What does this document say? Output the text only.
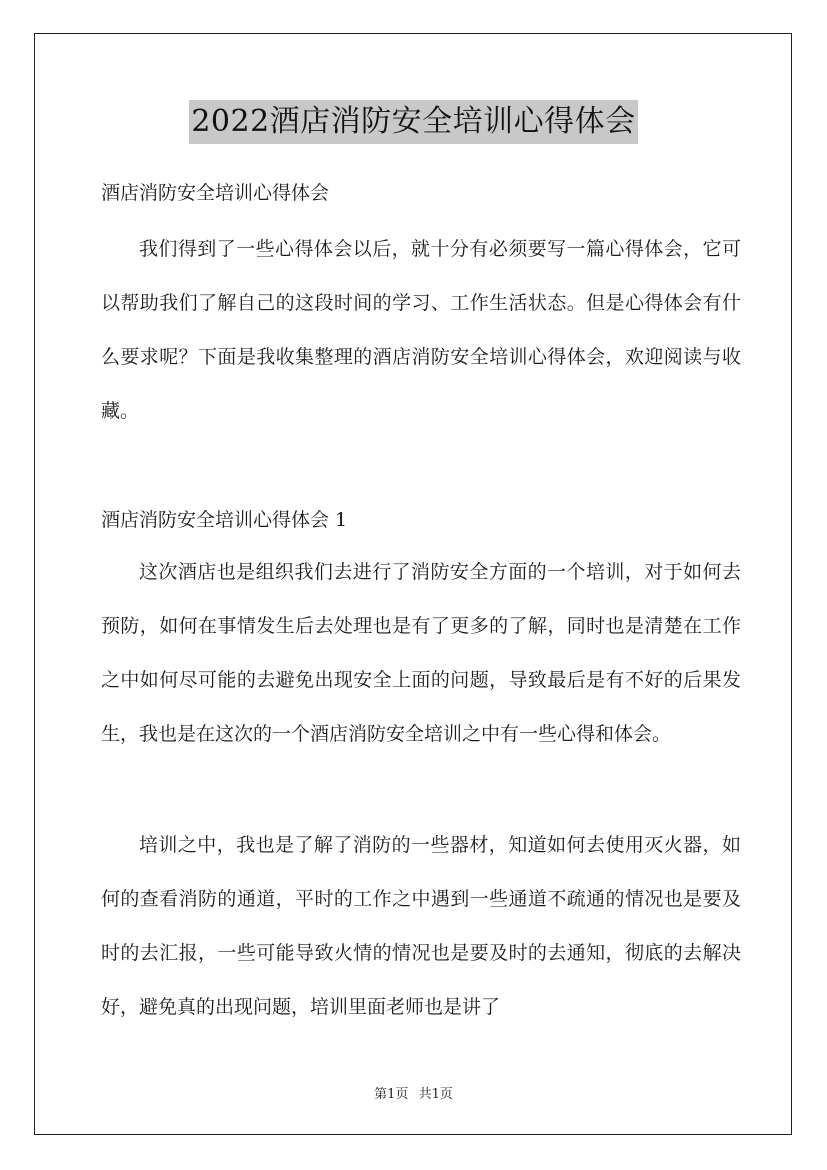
2022酒店消防安全培训心得体会

酒店消防安全培训心得体会

我们得到了一些心得体会以后，就十分有必须要写一篇心得体会，它可以帮助我们了解自己的这段时间的学习、工作生活状态。但是心得体会有什么要求呢？下面是我收集整理的酒店消防安全培训心得体会，欢迎阅读与收藏。

酒店消防安全培训心得体会 1

这次酒店也是组织我们去进行了消防安全方面的一个培训，对于如何去预防，如何在事情发生后去处理也是有了更多的了解，同时也是清楚在工作之中如何尽可能的去避免出现安全上面的问题，导致最后是有不好的后果发生，我也是在这次的一个酒店消防安全培训之中有一些心得和体会。

培训之中，我也是了解了消防的一些器材，知道如何去使用灭火器，如何的查看消防的通道，平时的工作之中遇到一些通道不疏通的情况也是要及时的去汇报，一些可能导致火情的情况也是要及时的去通知，彻底的去解决好，避免真的出现问题，培训里面老师也是讲了

第1页 共1页
